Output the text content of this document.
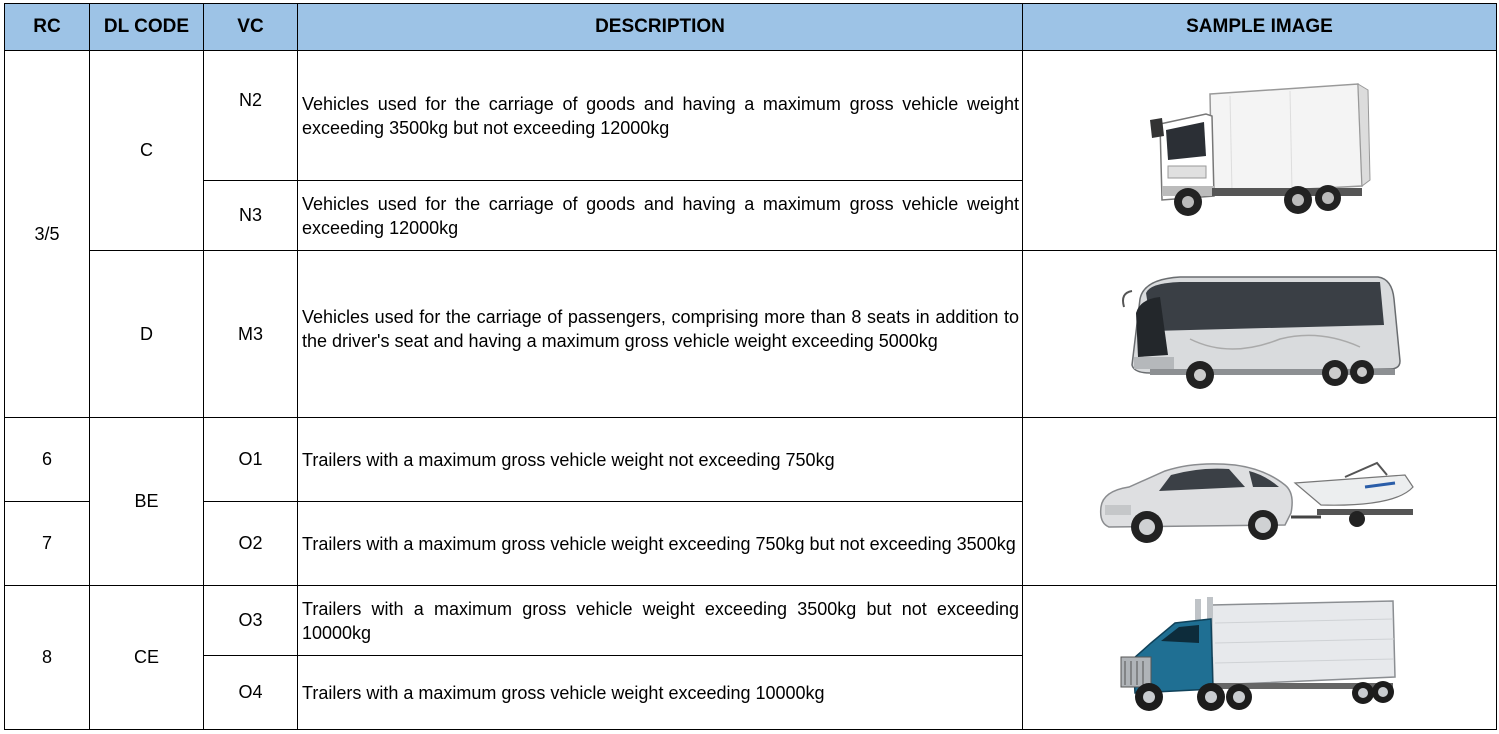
RC	DL CODE	VC	DESCRIPTION	SAMPLE IMAGE
3/5	C	N2	Vehicles used for the carriage of goods and having a maximum gross vehicle weight exceeding 3500kg but not exceeding 12000kg	

		N3	Vehicles used for the carriage of goods and having a maximum gross vehicle weight exceeding 12000kg	
	D	M3	Vehicles used for the carriage of passengers, comprising more than 8 seats in addition to the driver's seat and having a maximum gross vehicle weight exceeding 5000kg	

6	BE	O1	Trailers with a maximum gross vehicle weight not exceeding 750kg	

7		O2	Trailers with a maximum gross vehicle weight exceeding 750kg but not exceeding 3500kg	
8	CE	O3	Trailers with a maximum gross vehicle weight exceeding 3500kg but not exceeding 10000kg	

		O4	Trailers with a maximum gross vehicle weight exceeding 10000kg	
